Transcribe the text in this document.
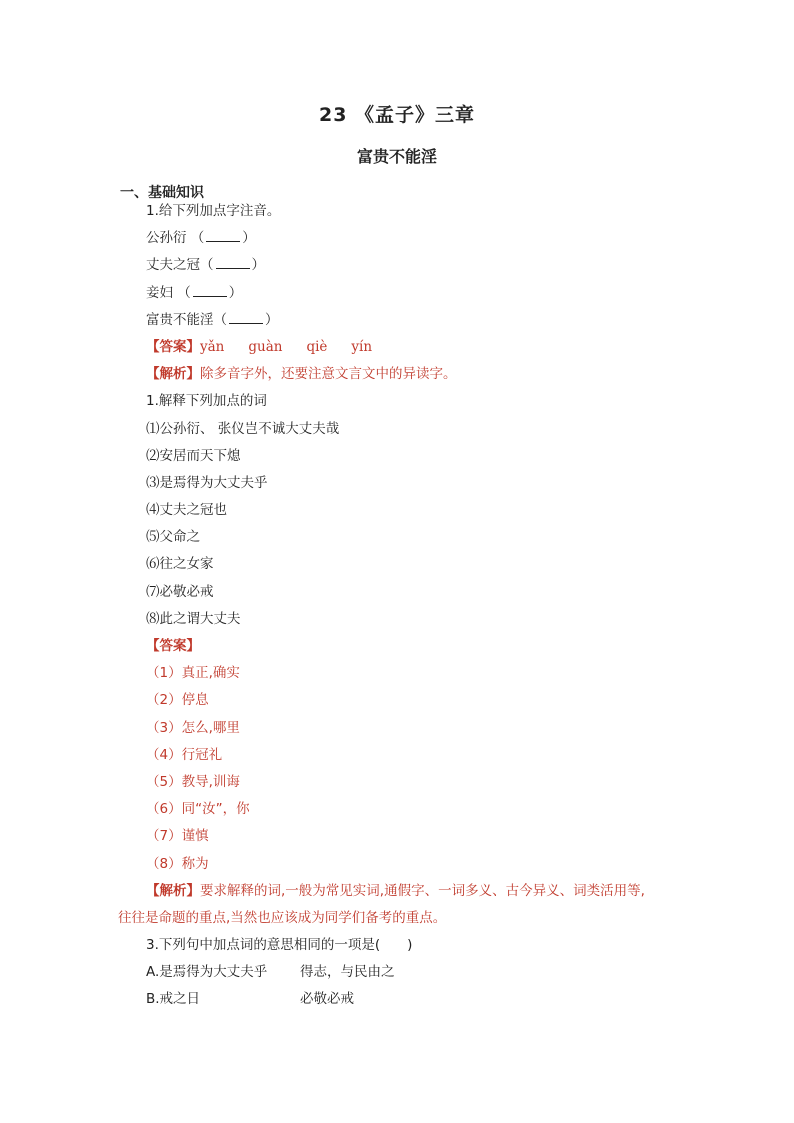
23 《孟子》三章
富贵不能淫
一、基础知识
1.给下列加点字注音。
公孙衍 （	）
丈夫之冠（	）
妾妇 （	）
富贵不能淫（	）
【答案】yǎn guàn qiè yín
【解析】除多音字外，还要注意文言文中的异读字。
1.解释下列加点的词
⑴公孙衍、 张仪岂不诚大丈夫哉
⑵安居而天下熄
⑶是焉得为大丈夫乎
⑷丈夫之冠也
⑸父命之
⑹往之女家
⑺必敬必戒
⑻此之谓大丈夫
【答案】
（1）真正,确实
（2）停息
（3）怎么,哪里
（4）行冠礼
（5）教导,训诲
（6）同“汝”，你
（7）谨慎
（8）称为
【解析】要求解释的词,一般为常见实词,通假字、一词多义、古今异义、词类活用等,
往往是命题的重点,当然也应该成为同学们备考的重点。
3.下列句中加点词的意思相同的一项是(　　)
A.是焉得为大丈夫乎 得志，与民由之
B.戒之日	必敬必戒
